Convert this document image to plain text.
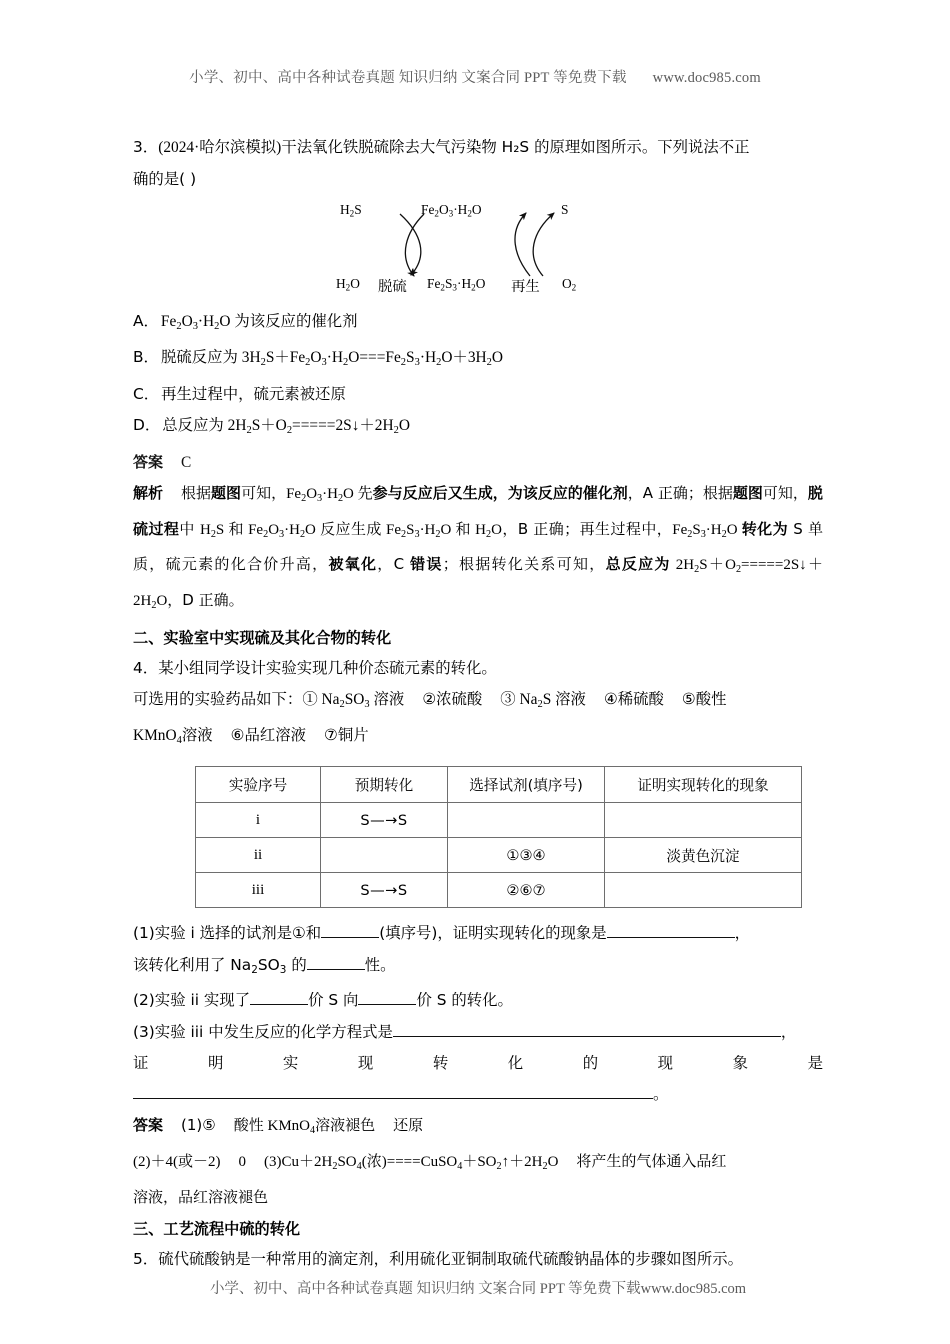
小学、初中、高中各种试卷真题 知识归纳 文案合同 PPT 等免费下载 www.doc985.com
3．(2024·哈尔滨模拟)干法氧化铁脱硫除去大气污染物 H₂S 的原理如图所示。下列说法不正
确的是( )
$H_2S$	$Fe_2O_3\cdot H_2O$	S
$H_2O$ 脱硫 $Fe_2S_3\cdot H_2O$ 再生 $O_2$
A． $Fe_2O_3\cdot H_2O$ 为该反应的催化剂
B． 脱硫反应为 $3H_2S+Fe_2O_3\cdot H_2O===Fe_2S_3\cdot H_2O+3H_2O$
C． 再生过程中，硫元素被还原
D． 总反应为 $2H_2S+O_2=====2S↓+2H_2O$
答案 C
解析 根据题图可知，$Fe_2O_3\cdot H_2O$ 先参与反应后又生成，为该反应的催化剂，A 正确；根据题图可知，脱硫过程中 $H_2S$ 和 $Fe_2O_3\cdot H_2O$ 反应生成 $Fe_2S_3\cdot H_2O$ 和 $H_2O$，B 正确；再生过程中，$Fe_2S_3\cdot H_2O$ 转化为 S 单质，硫元素的化合价升高，被氧化，C 错误；根据转化关系可知，总反应为 $2H_2S+O_2=====2S↓+2H_2O$，D 正确。
二、实验室中实现硫及其化合物的转化
4．某小组同学设计实验实现几种价态硫元素的转化。
可选用的实验药品如下：① $Na_2SO_3$ 溶液 ②浓硫酸 ③ $Na_2S$ 溶液 ④稀硫酸 ⑤酸性
KMnO$_4$溶液 ⑥品红溶液 ⑦铜片
实验序号	预期转化	选择试剂(填序号)	证明实现转化的现象
i	S—→S		
ii		①③④	淡黄色沉淀
iii	S—→S	②⑥⑦	
(1)实验 i 选择的试剂是①和	(填序号)，证明实现转化的现象是	，
该转化利用了 $Na_2SO_3$ 的	性。
(2)实验 ii 实现了	价 S 向	价 S 的转化。
(3)实验 iii 中发生反应的化学方程式是	，
证	明	实	现	转	化	的	现	象	是
。
答案 (1)⑤ 酸性 KMnO$_4$溶液褪色 还原
(2)＋4(或－2) 0 $(3)Cu+2H_2SO_4$(浓)$====CuSO_4+SO_2↑+2H_2O$ 将产生的气体通入品红
溶液，品红溶液褪色
三、工艺流程中硫的转化
5．硫代硫酸钠是一种常用的滴定剂，利用硫化亚铜制取硫代硫酸钠晶体的步骤如图所示。
小学、初中、高中各种试卷真题 知识归纳 文案合同 PPT 等免费下载www.doc985.com
